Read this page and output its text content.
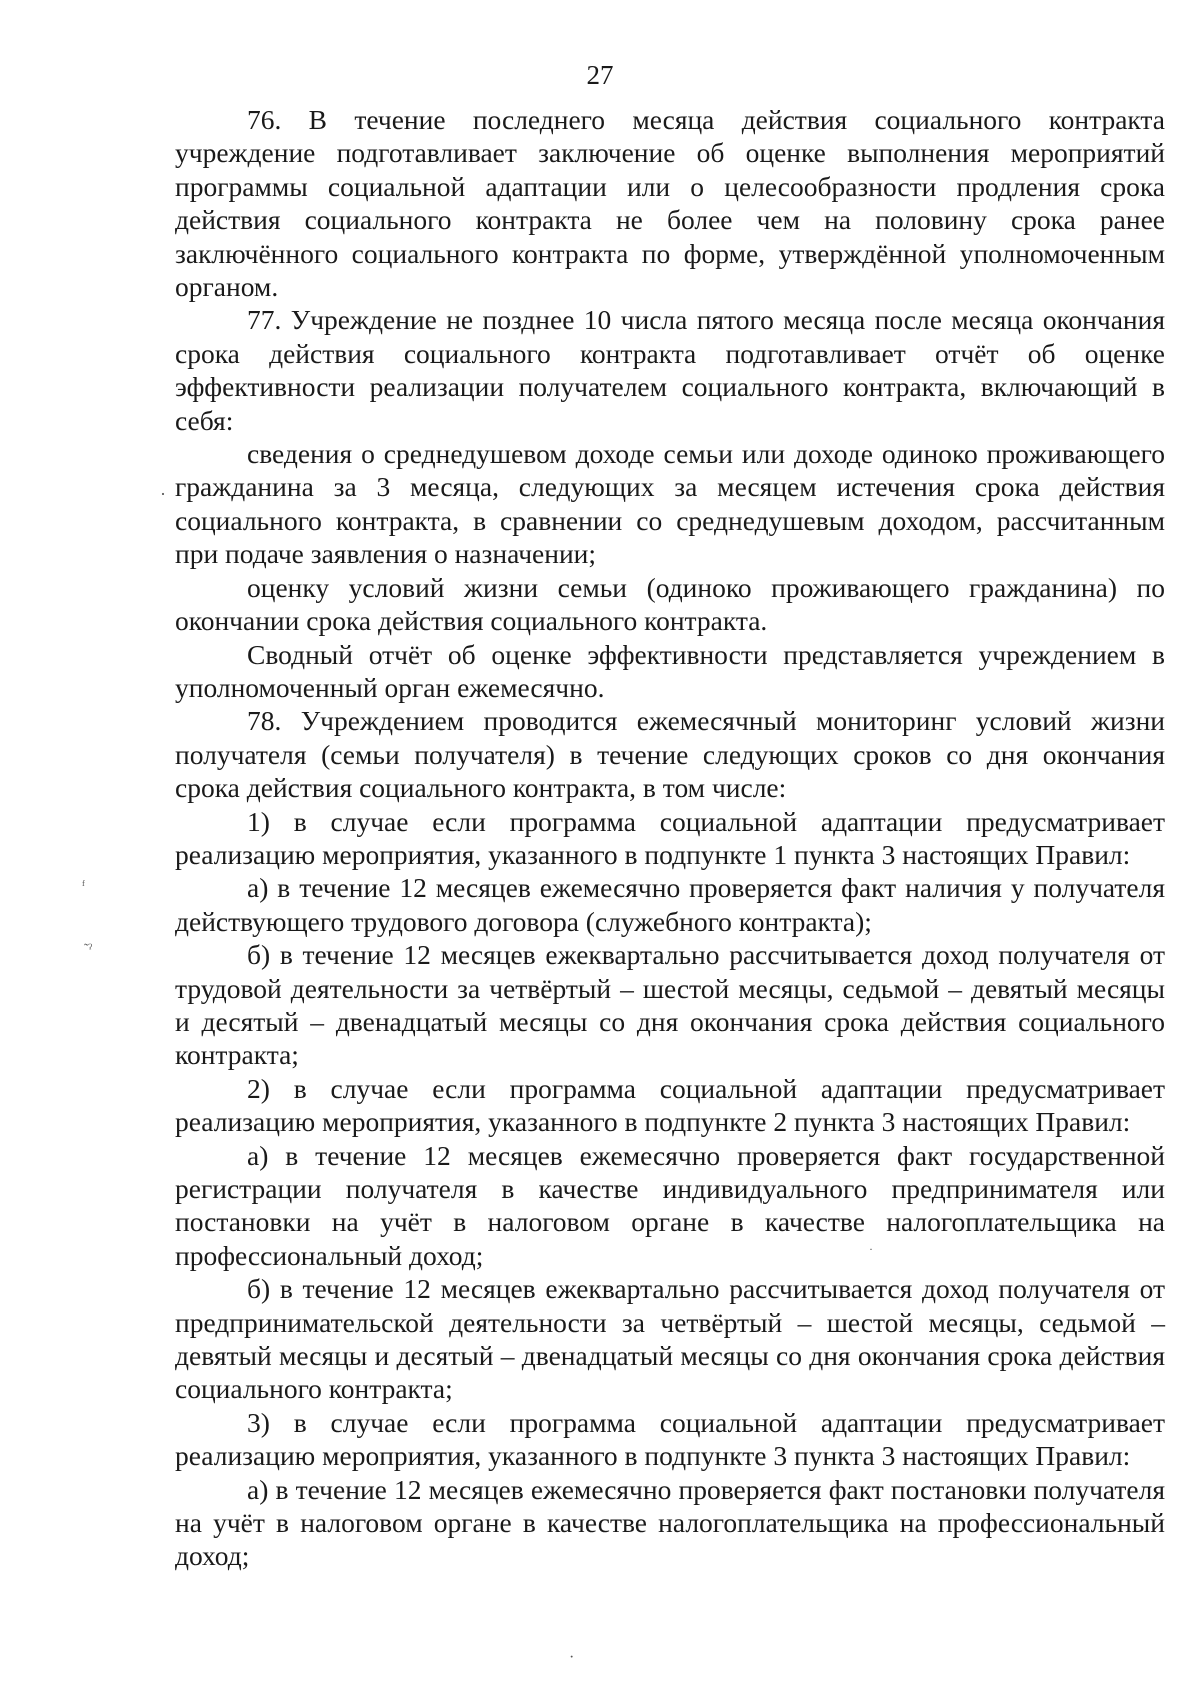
27

76. В течение последнего месяца действия социального контракта учреждение подготавливает заключение об оценке выполнения мероприятий программы социальной адаптации или о целесообразности продления срока действия социального контракта не более чем на половину срока ранее заключённого социального контракта по форме, утверждённой уполномоченным органом.

77. Учреждение не позднее 10 числа пятого месяца после месяца окончания срока действия социального контракта подготавливает отчёт об оценке эффективности реализации получателем социального контракта, включающий в себя:

сведения о среднедушевом доходе семьи или доходе одиноко проживающего гражданина за 3 месяца, следующих за месяцем истечения срока действия социального контракта, в сравнении со среднедушевым доходом, рассчитанным при подаче заявления о назначении;

оценку условий жизни семьи (одиноко проживающего гражданина) по окончании срока действия социального контракта.

Сводный отчёт об оценке эффективности представляется учреждением в уполномоченный орган ежемесячно.

78. Учреждением проводится ежемесячный мониторинг условий жизни получателя (семьи получателя) в течение следующих сроков со дня окончания срока действия социального контракта, в том числе:

1) в случае если программа социальной адаптации предусматривает реализацию мероприятия, указанного в подпункте 1 пункта 3 настоящих Правил:

а) в течение 12 месяцев ежемесячно проверяется факт наличия у получателя действующего трудового договора (служебного контракта);

б) в течение 12 месяцев ежеквартально рассчитывается доход получателя от трудовой деятельности за четвёртый – шестой месяцы, седьмой – девятый месяцы и десятый – двенадцатый месяцы со дня окончания срока действия социального контракта;

2) в случае если программа социальной адаптации предусматривает реализацию мероприятия, указанного в подпункте 2 пункта 3 настоящих Правил:

а) в течение 12 месяцев ежемесячно проверяется факт государственной регистрации получателя в качестве индивидуального предпринимателя или постановки на учёт в налоговом органе в качестве налогоплательщика на профессиональный доход;

б) в течение 12 месяцев ежеквартально рассчитывается доход получателя от предпринимательской деятельности за четвёртый – шестой месяцы, седьмой – девятый месяцы и десятый – двенадцатый месяцы со дня окончания срока действия социального контракта;

3) в случае если программа социальной адаптации предусматривает реализацию мероприятия, указанного в подпункте 3 пункта 3 настоящих Правил:

а) в течение 12 месяцев ежемесячно проверяется факт постановки получателя на учёт в налоговом органе в качестве налогоплательщика на профессиональный доход;

·
ᶠ
˜ˀ
·
·
